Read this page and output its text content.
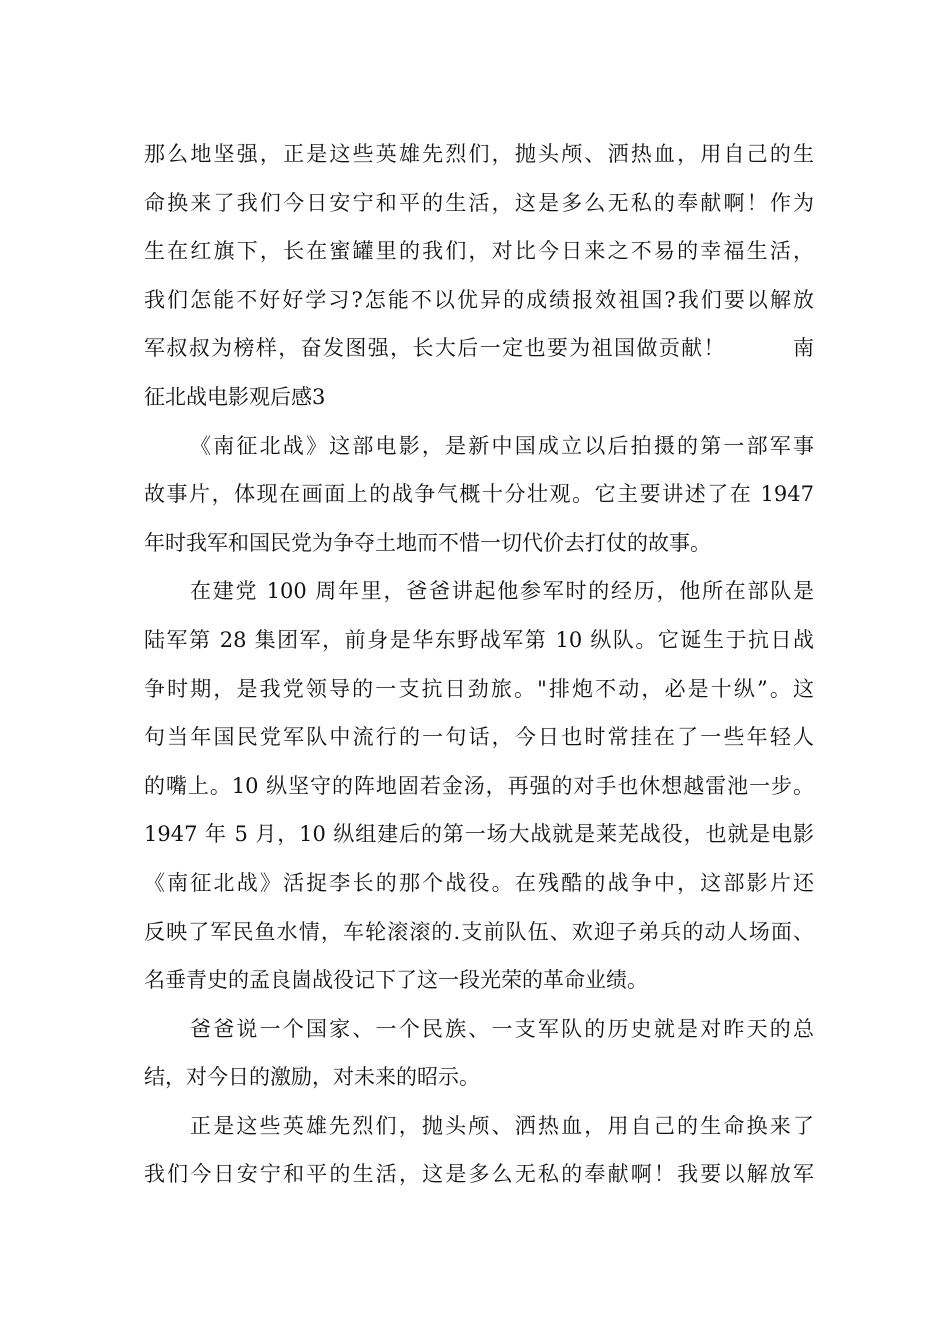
那么地坚强，正是这些英雄先烈们，抛头颅、洒热血，用自己的生
命换来了我们今日安宁和平的生活，这是多么无私的奉献啊！作为
生在红旗下，长在蜜罐里的我们，对比今日来之不易的幸福生活，
我们怎能不好好学习?怎能不以优异的成绩报效祖国?我们要以解放
军叔叔为榜样，奋发图强，长大后一定也要为祖国做贡献！　　　南
征北战电影观后感3
《南征北战》这部电影，是新中国成立以后拍摄的第一部军事
故事片，体现在画面上的战争气概十分壮观。它主要讲述了在 1947
年时我军和国民党为争夺土地而不惜一切代价去打仗的故事。
在建党 100 周年里，爸爸讲起他参军时的经历，他所在部队是
陆军第 28 集团军，前身是华东野战军第 10 纵队。它诞生于抗日战
争时期，是我党领导的一支抗日劲旅。"排炮不动，必是十纵”。这
句当年国民党军队中流行的一句话，今日也时常挂在了一些年轻人
的嘴上。10 纵坚守的阵地固若金汤，再强的对手也休想越雷池一步。
1947 年 5 月，10 纵组建后的第一场大战就是莱芜战役，也就是电影
《南征北战》活捉李长的那个战役。在残酷的战争中，这部影片还
反映了军民鱼水情，车轮滚滚的.支前队伍、欢迎子弟兵的动人场面、
名垂青史的孟良崮战役记下了这一段光荣的革命业绩。
爸爸说一个国家、一个民族、一支军队的历史就是对昨天的总
结，对今日的激励，对未来的昭示。
正是这些英雄先烈们，抛头颅、洒热血，用自己的生命换来了
我们今日安宁和平的生活，这是多么无私的奉献啊！我要以解放军
